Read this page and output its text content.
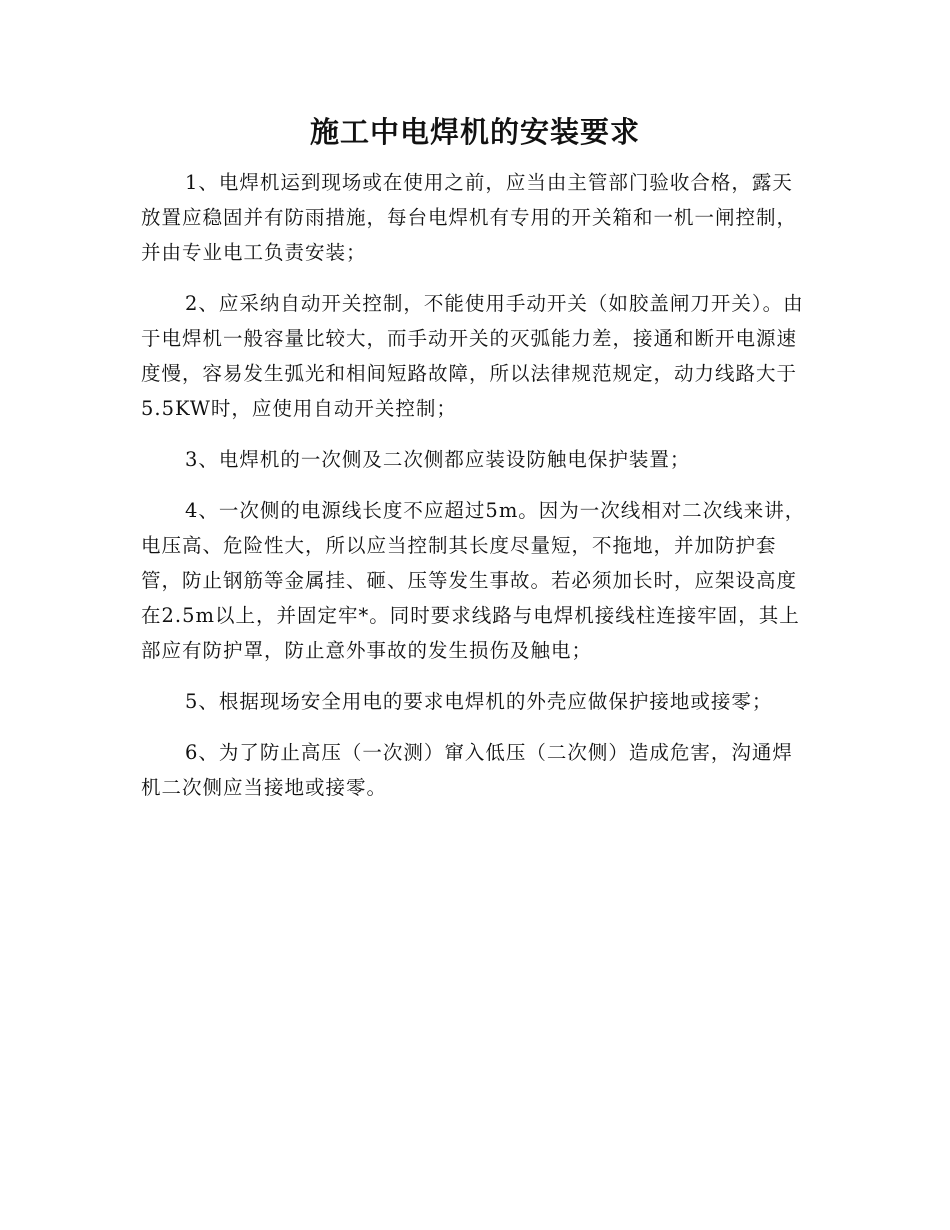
施工中电焊机的安装要求

1、电焊机运到现场或在使用之前，应当由主管部门验收合格，露天放置应稳固并有防雨措施，每台电焊机有专用的开关箱和一机一闸控制，并由专业电工负责安装；

2、应采纳自动开关控制，不能使用手动开关（如胶盖闸刀开关）。由于电焊机一般容量比较大，而手动开关的灭弧能力差，接通和断开电源速度慢，容易发生弧光和相间短路故障，所以法律规范规定，动力线路大于5.5KW时，应使用自动开关控制；

3、电焊机的一次侧及二次侧都应装设防触电保护装置；

4、一次侧的电源线长度不应超过5m。因为一次线相对二次线来讲，电压高、危险性大，所以应当控制其长度尽量短，不拖地，并加防护套管，防止钢筋等金属挂、砸、压等发生事故。若必须加长时，应架设高度在2.5m以上，并固定牢*。同时要求线路与电焊机接线柱连接牢固，其上部应有防护罩，防止意外事故的发生损伤及触电；

5、根据现场安全用电的要求电焊机的外壳应做保护接地或接零；

6、为了防止高压（一次测）窜入低压（二次侧）造成危害，沟通焊机二次侧应当接地或接零。
